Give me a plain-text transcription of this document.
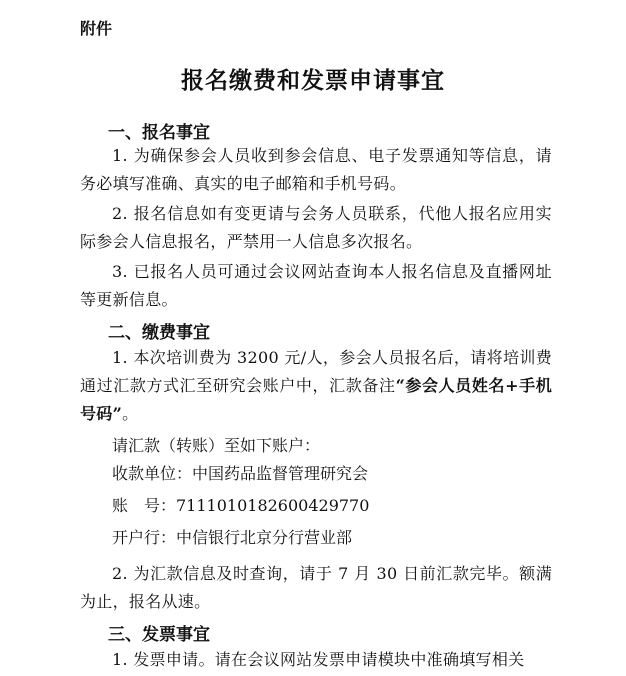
附件
报名缴费和发票申请事宜
一、报名事宜
1. 为确保参会人员收到参会信息、电子发票通知等信息，请务必填写准确、真实的电子邮箱和手机号码。
2. 报名信息如有变更请与会务人员联系，代他人报名应用实际参会人信息报名，严禁用一人信息多次报名。
3. 已报名人员可通过会议网站查询本人报名信息及直播网址等更新信息。
二、缴费事宜
1. 本次培训费为 3200 元/人，参会人员报名后，请将培训费通过汇款方式汇至研究会账户中，汇款备注“参会人员姓名+手机号码”。
请汇款（转账）至如下账户：
收款单位：中国药品监督管理研究会
账　号：7111010182600429770
开户行：中信银行北京分行营业部
2. 为汇款信息及时查询，请于 7 月 30 日前汇款完毕。额满为止，报名从速。
三、发票事宜
1. 发票申请。请在会议网站发票申请模块中准确填写相关
